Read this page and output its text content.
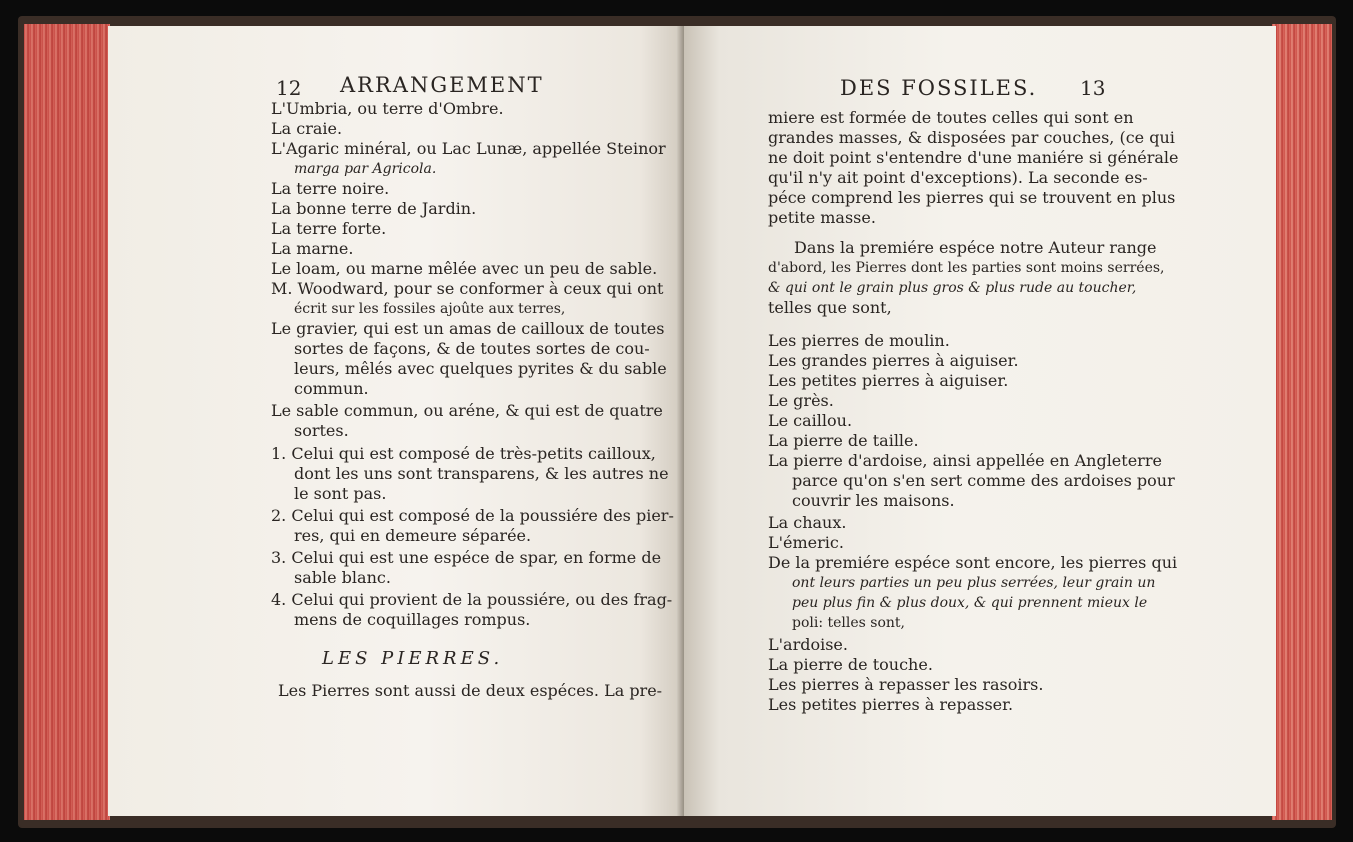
12 ARRANGEMENT
L'Umbria, ou terre d'Ombre.
La craie.
L'Agaric minéral, ou Lac Lunæ, appellée Steinor
marga par Agricola.
La terre noire.
La bonne terre de Jardin.
La terre forte.
La marne.
Le loam, ou marne mêlée avec un peu de sable.
M. Woodward, pour se conformer à ceux qui ont
écrit sur les fossiles ajoûte aux terres,
Le gravier, qui est un amas de cailloux de toutes
sortes de façons, & de toutes sortes de cou-
leurs, mêlés avec quelques pyrites & du sable
commun.
Le sable commun, ou aréne, & qui est de quatre
sortes.
1. Celui qui est composé de très-petits cailloux,
dont les uns sont transparens, & les autres ne
le sont pas.
2. Celui qui est composé de la poussiére des pier-
res, qui en demeure séparée.
3. Celui qui est une espéce de spar, en forme de
sable blanc.
4. Celui qui provient de la poussiére, ou des frag-
mens de coquillages rompus.
LES PIERRES.
Les Pierres sont aussi de deux espéces. La pre-
DES FOSSILES. 13
miere est formée de toutes celles qui sont en
grandes masses, & disposées par couches, (ce qui
ne doit point s'entendre d'une maniére si générale
qu'il n'y ait point d'exceptions). La seconde es-
péce comprend les pierres qui se trouvent en plus
petite masse.
Dans la premiére espéce notre Auteur range
d'abord, les Pierres dont les parties sont moins serrées,
& qui ont le grain plus gros & plus rude au toucher,
telles que sont,
Les pierres de moulin.
Les grandes pierres à aiguiser.
Les petites pierres à aiguiser.
Le grès.
Le caillou.
La pierre de taille.
La pierre d'ardoise, ainsi appellée en Angleterre
parce qu'on s'en sert comme des ardoises pour
couvrir les maisons.
La chaux.
L'émeric.
De la premiére espéce sont encore, les pierres qui
ont leurs parties un peu plus serrées, leur grain un
peu plus fin & plus doux, & qui prennent mieux le
poli: telles sont,
L'ardoise.
La pierre de touche.
Les pierres à repasser les rasoirs.
Les petites pierres à repasser.
